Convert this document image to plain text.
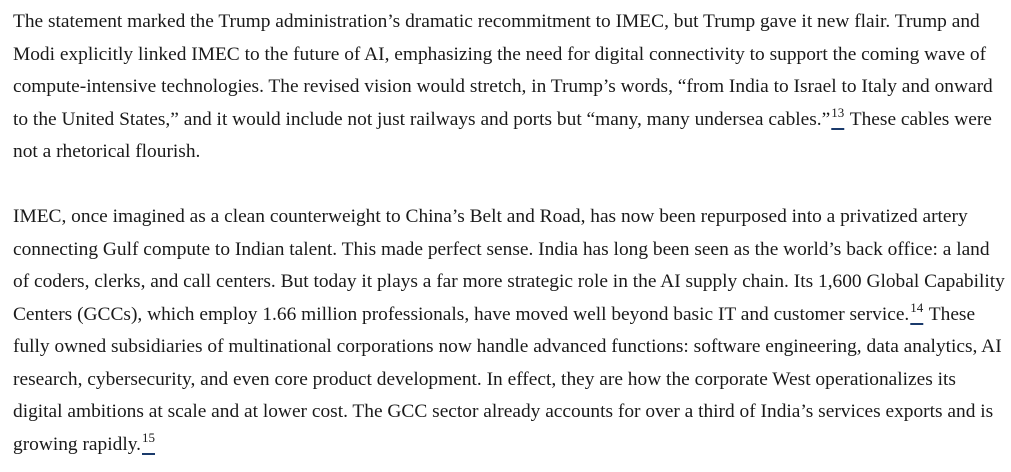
The statement marked the Trump administration’s dramatic recommitment to IMEC, but Trump gave it new flair. Trump and Modi explicitly linked IMEC to the future of AI, emphasizing the need for digital connectivity to support the coming wave of compute-intensive technologies. The revised vision would stretch, in Trump’s words, “from India to Israel to Italy and onward to the United States,” and it would include not just railways and ports but “many, many undersea cables.”$^{13}$ These cables were not a rhetorical flourish.

IMEC, once imagined as a clean counterweight to China’s Belt and Road, has now been repurposed into a privatized artery connecting Gulf compute to Indian talent. This made perfect sense. India has long been seen as the world’s back office: a land of coders, clerks, and call centers. But today it plays a far more strategic role in the AI supply chain. Its 1,600 Global Capability Centers (GCCs), which employ 1.66 million professionals, have moved well beyond basic IT and customer service.$^{14}$ These fully owned subsidiaries of multinational corporations now handle advanced functions: software engineering, data analytics, AI research, cybersecurity, and even core product development. In effect, they are how the corporate West operationalizes its digital ambitions at scale and at lower cost. The GCC sector already accounts for over a third of India’s services exports and is growing rapidly.$^{15}$
